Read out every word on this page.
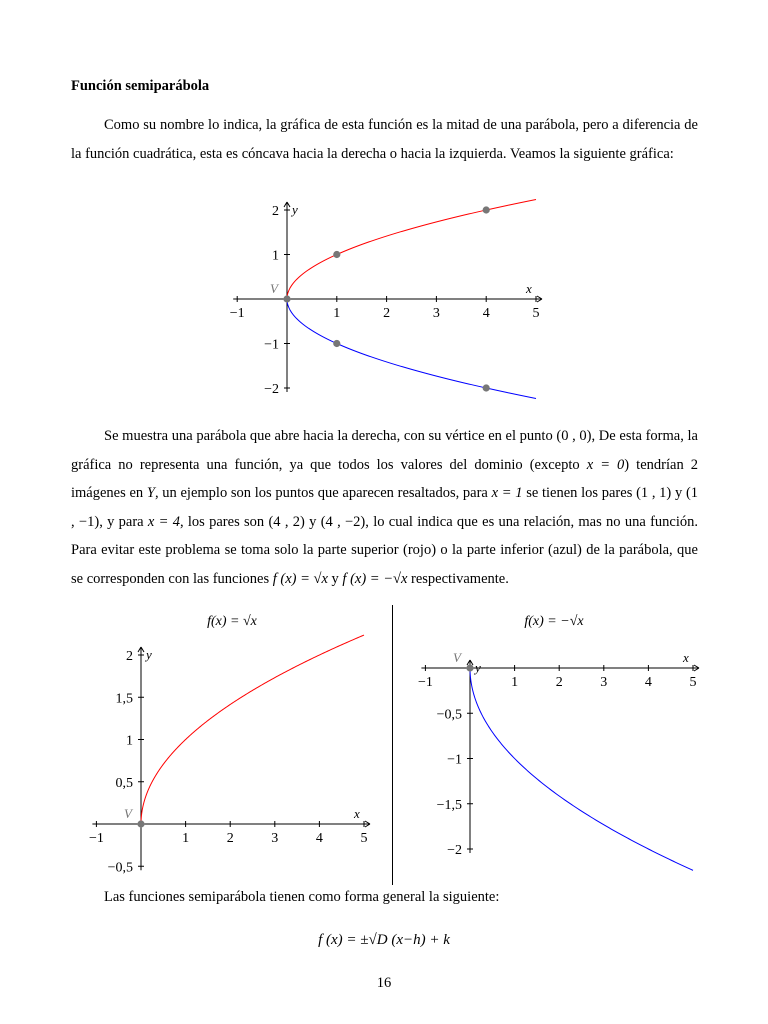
Función semiparábola

Como su nombre lo indica, la gráfica de esta función es la mitad de una parábola, pero a diferencia de la función cuadrática, esta es cóncava hacia la derecha o hacia la izquierda. Veamos la siguiente gráfica:

−1	1	2	3	4	5
2
1
−1
−2
x
y
V

Se muestra una parábola que abre hacia la derecha, con su vértice en el punto (0 , 0), De esta forma, la gráfica no representa una función, ya que todos los valores del dominio (excepto x = 0) tendrían 2 imágenes en Y, un ejemplo son los puntos que aparecen resaltados, para x = 1 se tienen los pares (1 , 1) y (1 , −1), y para x = 4, los pares son (4 , 2) y (4 , −2), lo cual indica que es una relación, mas no una función. Para evitar este problema se toma solo la parte superior (rojo) o la parte inferior (azul) de la parábola, que se corresponden con las funciones f (x) = √x y f (x) = −√x respectivamente.

f(x) = √x
−1	1	2	3	4	5
2
1,5
1
0,5
−0,5
x
y
V
f(x) = −√x
−1	1	2	3	4	5
−0,5
−1
−1,5
−2
x
y
V
Las funciones semiparábola tienen como forma general la siguiente:
f (x) = ±√D (x−h) + k
16
